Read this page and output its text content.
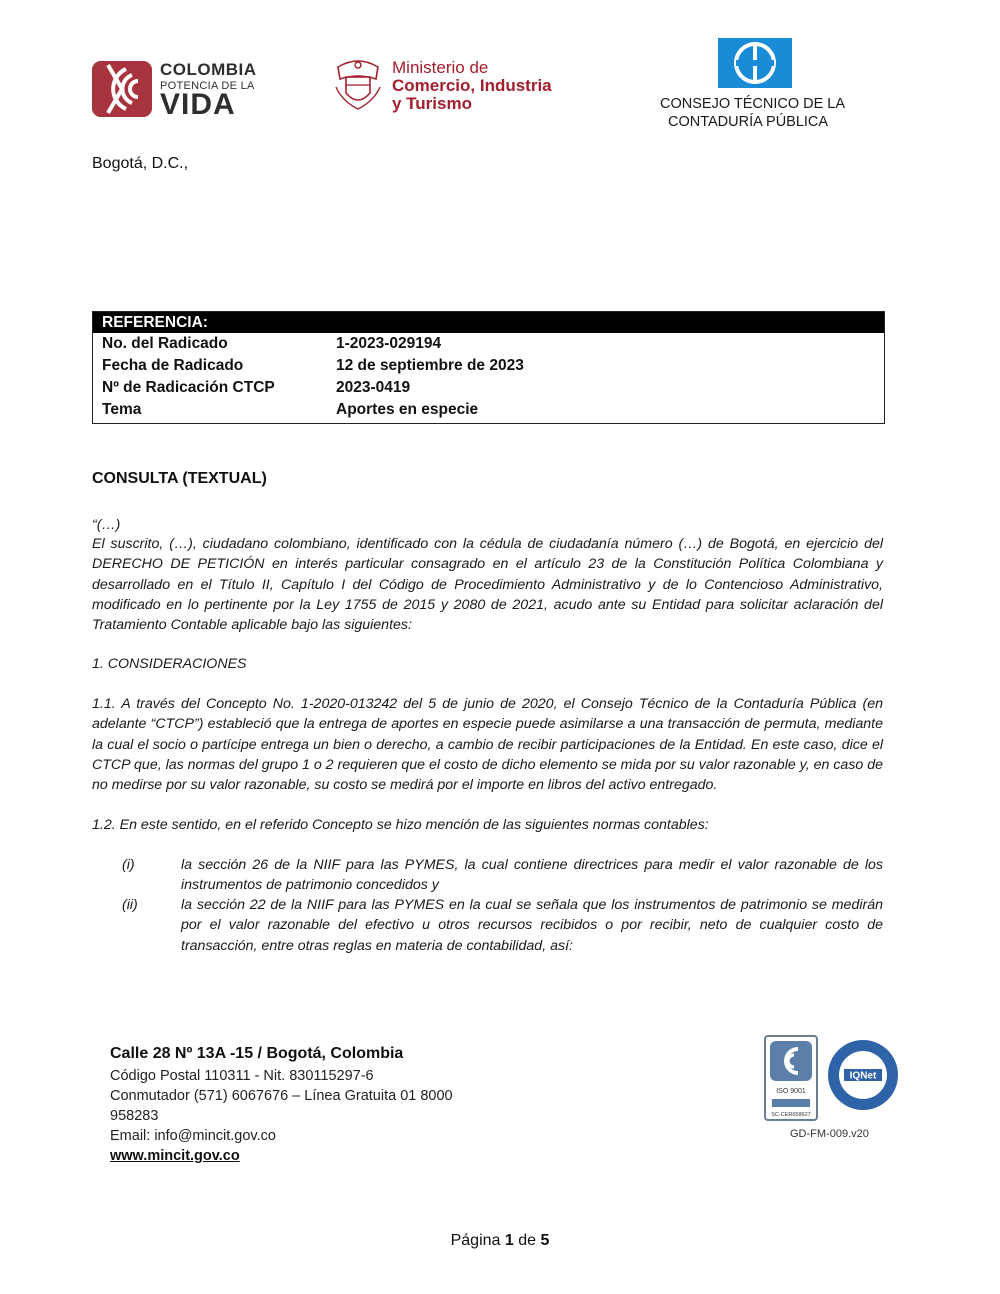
COLOMBIA
POTENCIA DE LA
VIDA
Ministerio de
Comercio, Industria
y Turismo	CONSEJO TÉCNICO DE LA
CONTADURÍA PÚBLICA
Bogotá, D.C.,
REFERENCIA:
No. del Radicado	1-2023-029194
Fecha de Radicado	12 de septiembre de 2023
Nº de Radicación CTCP	2023-0419
Tema	Aportes en especie
CONSULTA (TEXTUAL)
“(…)
El suscrito, (…), ciudadano colombiano, identificado con la cédula de ciudadanía número (…) de Bogotá, en ejercicio del DERECHO DE PETICIÓN en interés particular consagrado en el artículo 23 de la Constitución Política Colombiana y desarrollado en el Título II, Capítulo I del Código de Procedimiento Administrativo y de lo Contencioso Administrativo, modificado en lo pertinente por la Ley 1755 de 2015 y 2080 de 2021, acudo ante su Entidad para solicitar aclaración del Tratamiento Contable aplicable bajo las siguientes:
1. CONSIDERACIONES
1.1. A través del Concepto No. 1-2020-013242 del 5 de junio de 2020, el Consejo Técnico de la Contaduría Pública (en adelante “CTCP”) estableció que la entrega de aportes en especie puede asimilarse a una transacción de permuta, mediante la cual el socio o partícipe entrega un bien o derecho, a cambio de recibir participaciones de la Entidad. En este caso, dice el CTCP que, las normas del grupo 1 o 2 requieren que el costo de dicho elemento se mida por su valor razonable y, en caso de no medirse por su valor razonable, su costo se medirá por el importe en libros del activo entregado.
1.2. En este sentido, en el referido Concepto se hizo mención de las siguientes normas contables:
(i)	la sección 26 de la NIIF para las PYMES, la cual contiene directrices para medir el valor razonable de los instrumentos de patrimonio concedidos y
(ii)	la sección 22 de la NIIF para las PYMES en la cual se señala que los instrumentos de patrimonio se medirán por el valor razonable del efectivo u otros recursos recibidos o por recibir, neto de cualquier costo de transacción, entre otras reglas en materia de contabilidad, así:
Calle 28 Nº 13A -15 / Bogotá, Colombia
Código Postal 110311 - Nit. 830115297-6
Conmutador (571) 6067676 – Línea Gratuita 01 8000
958283
Email: info@mincit.gov.co
www.mincit.gov.co
ISO 9001
SC-CER658627
IQNet
GD-FM-009.v20
Página 1 de 5
